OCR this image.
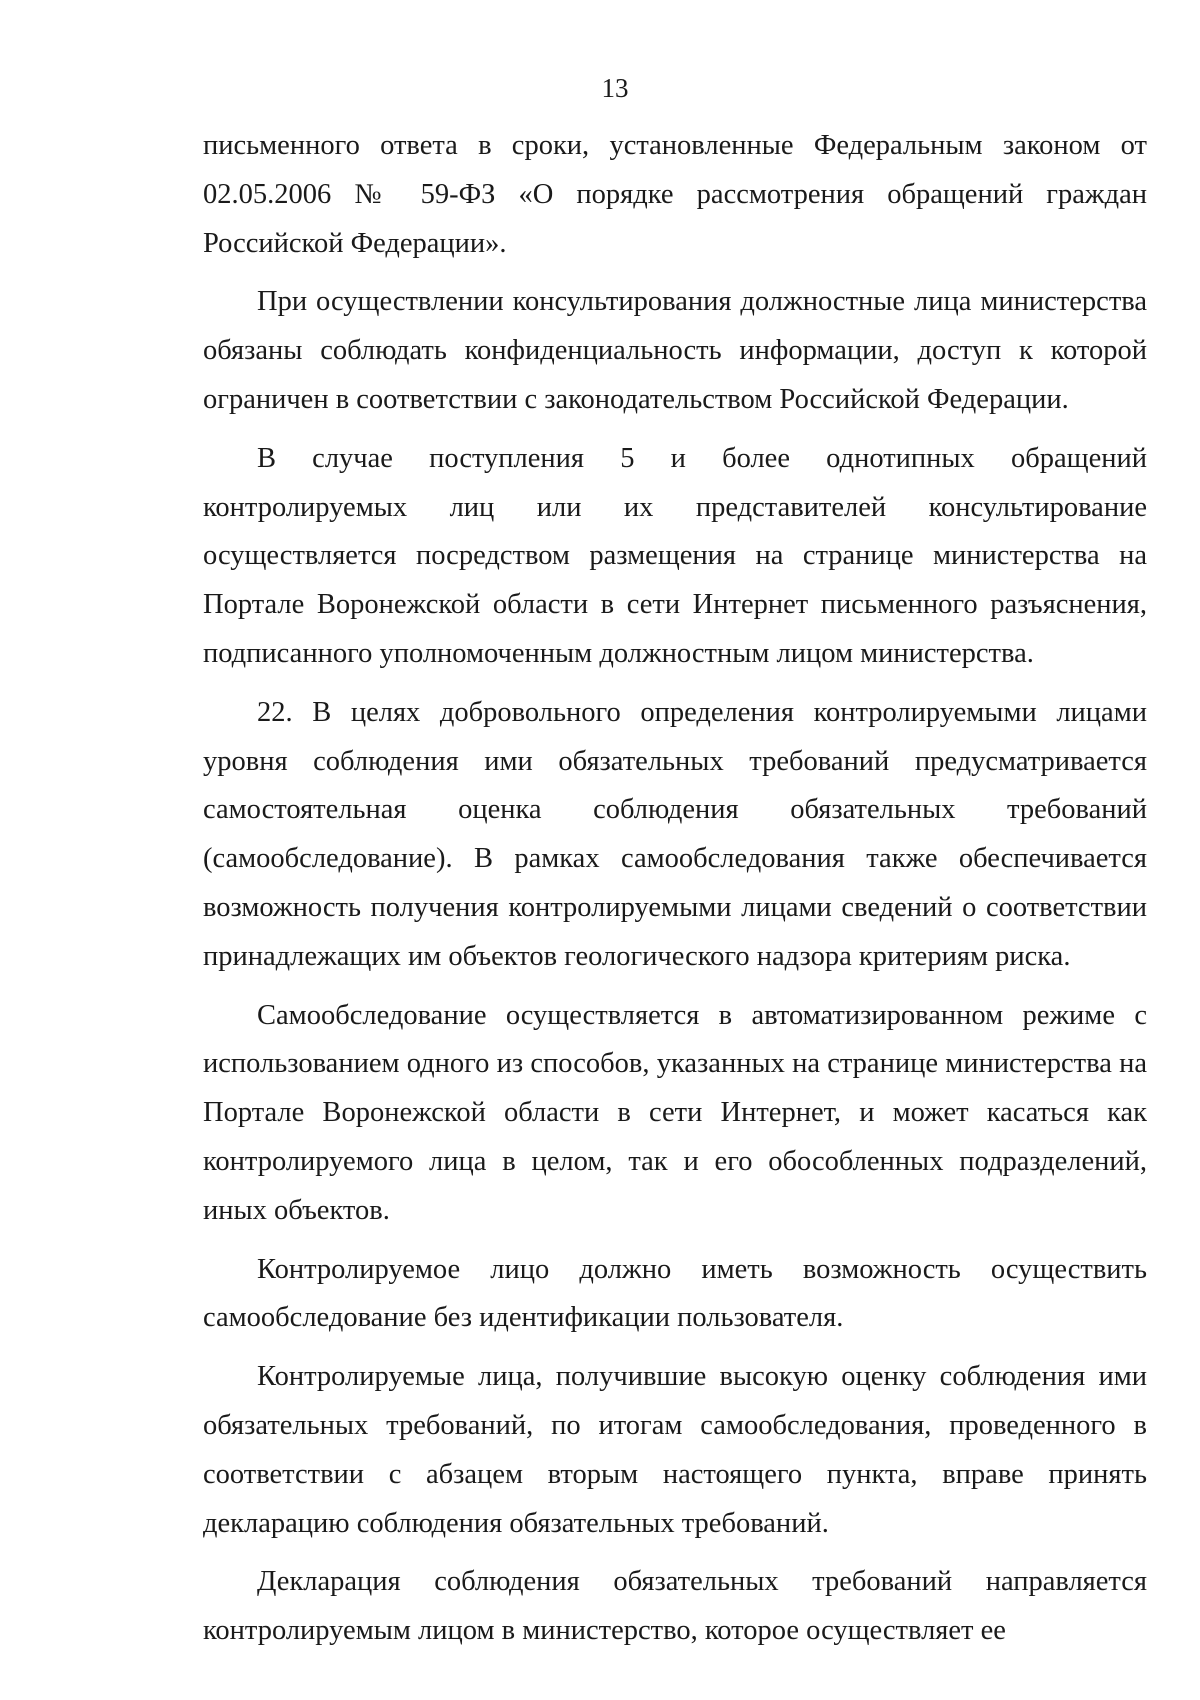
13

письменного ответа в сроки, установленные Федеральным законом от 02.05.2006 № 59-ФЗ «О порядке рассмотрения обращений граждан Российской Федерации».

При осуществлении консультирования должностные лица министерства обязаны соблюдать конфиденциальность информации, доступ к которой ограничен в соответствии с законодательством Российской Федерации.

В случае поступления 5 и более однотипных обращений контролируемых лиц или их представителей консультирование осуществляется посредством размещения на странице министерства на Портале Воронежской области в сети Интернет письменного разъяснения, подписанного уполномоченным должностным лицом министерства.

22. В целях добровольного определения контролируемыми лицами уровня соблюдения ими обязательных требований предусматривается самостоятельная оценка соблюдения обязательных требований (самообследование). В рамках самообследования также обеспечивается возможность получения контролируемыми лицами сведений о соответствии принадлежащих им объектов геологического надзора критериям риска.

Самообследование осуществляется в автоматизированном режиме с использованием одного из способов, указанных на странице министерства на Портале Воронежской области в сети Интернет, и может касаться как контролируемого лица в целом, так и его обособленных подразделений, иных объектов.

Контролируемое лицо должно иметь возможность осуществить самообследование без идентификации пользователя.

Контролируемые лица, получившие высокую оценку соблюдения ими обязательных требований, по итогам самообследования, проведенного в соответствии с абзацем вторым настоящего пункта, вправе принять декларацию соблюдения обязательных требований.

Декларация соблюдения обязательных требований направляется контролируемым лицом в министерство, которое осуществляет ее
